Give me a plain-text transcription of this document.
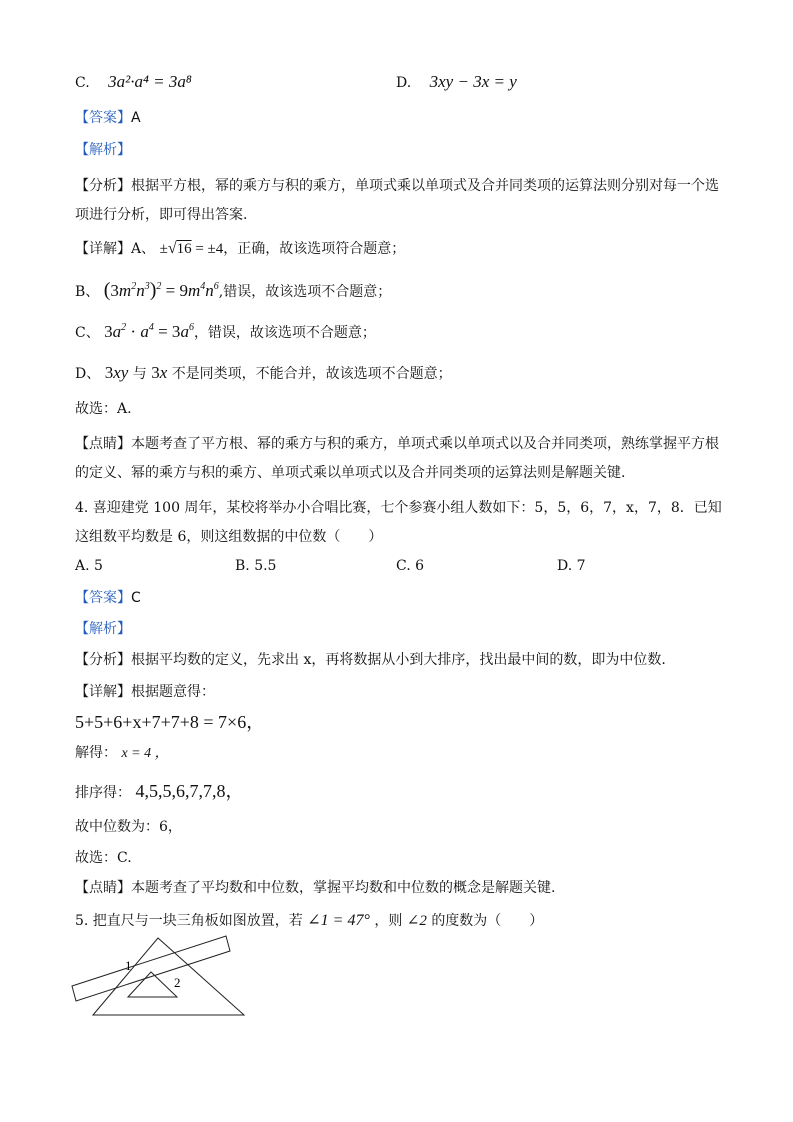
C. 3a²·a⁴ = 3a⁸	D. 3xy − 3x = y
【答案】A
【解析】
【分析】根据平方根，幂的乘方与积的乘方，单项式乘以单项式及合并同类项的运算法则分别对每一个选项进行分析，即可得出答案.
【详解】A、 ±√16 = ±4，正确，故该选项符合题意；
B、 $(3m^2n^3)^2 = 9m^4n^6$,错误，故该选项不合题意；
C、 $3a^2 \cdot a^4 = 3a^6$，错误，故该选项不合题意；
D、 3xy 与 3x 不是同类项，不能合并，故该选项不合题意；
故选：A.
【点睛】本题考查了平方根、幂的乘方与积的乘方，单项式乘以单项式以及合并同类项，熟练掌握平方根的定义、幂的乘方与积的乘方、单项式乘以单项式以及合并同类项的运算法则是解题关键.
4. 喜迎建党 100 周年，某校将举办小合唱比赛，七个参赛小组人数如下：5，5，6，7，x，7，8．已知这组数平均数是 6，则这组数据的中位数（　　）
A. 5	B. 5.5	C. 6	D. 7
【答案】C
【解析】
【分析】根据平均数的定义，先求出 x，再将数据从小到大排序，找出最中间的数，即为中位数.
【详解】根据题意得：
5+5+6+x+7+7+8 = 7×6，
解得： x = 4 ，
排序得： 4,5,5,6,7,7,8，
故中位数为：6，
故选：C.
【点睛】本题考查了平均数和中位数，掌握平均数和中位数的概念是解题关键.
5. 把直尺与一块三角板如图放置，若 ∠1 = 47° ，则 ∠2 的度数为（　　）
1
2
